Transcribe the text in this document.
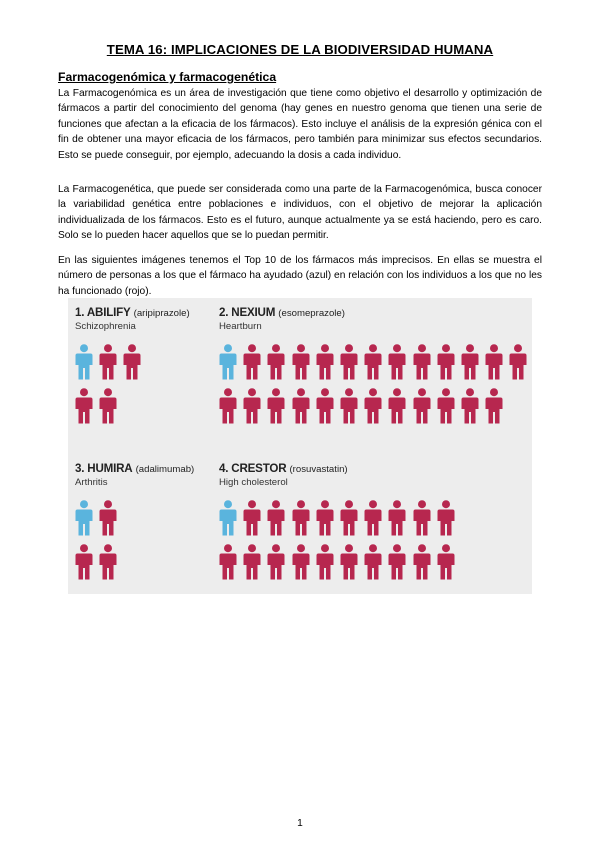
TEMA 16: IMPLICACIONES DE LA BIODIVERSIDAD HUMANA
Farmacogenómica y farmacogenética

La Farmacogenómica es un área de investigación que tiene como objetivo el desarrollo y optimización de fármacos a partir del conocimiento del genoma (hay genes en nuestro genoma que tienen una serie de funciones que afectan a la eficacia de los fármacos). Esto incluye el análisis de la expresión génica con el fin de obtener una mayor eficacia de los fármacos, pero también para minimizar sus efectos secundarios. Esto se puede conseguir, por ejemplo, adecuando la dosis a cada individuo.

La Farmacogenética, que puede ser considerada como una parte de la Farmacogenómica, busca conocer la variabilidad genética entre poblaciones e individuos, con el objetivo de mejorar la aplicación individualizada de los fármacos. Esto es el futuro, aunque actualmente ya se está haciendo, pero es caro. Solo se lo pueden hacer aquellos que se lo puedan permitir.

En las siguientes imágenes tenemos el Top 10 de los fármacos más imprecisos. En ellas se muestra el número de personas a los que el fármaco ha ayudado (azul) en relación con los individuos a los que no les ha funcionado (rojo).

1. ABILIFY (aripiprazole)
Schizophrenia
2. NEXIUM (esomeprazole)
Heartburn
3. HUMIRA (adalimumab)
Arthritis
4. CRESTOR (rosuvastatin)
High cholesterol
1
